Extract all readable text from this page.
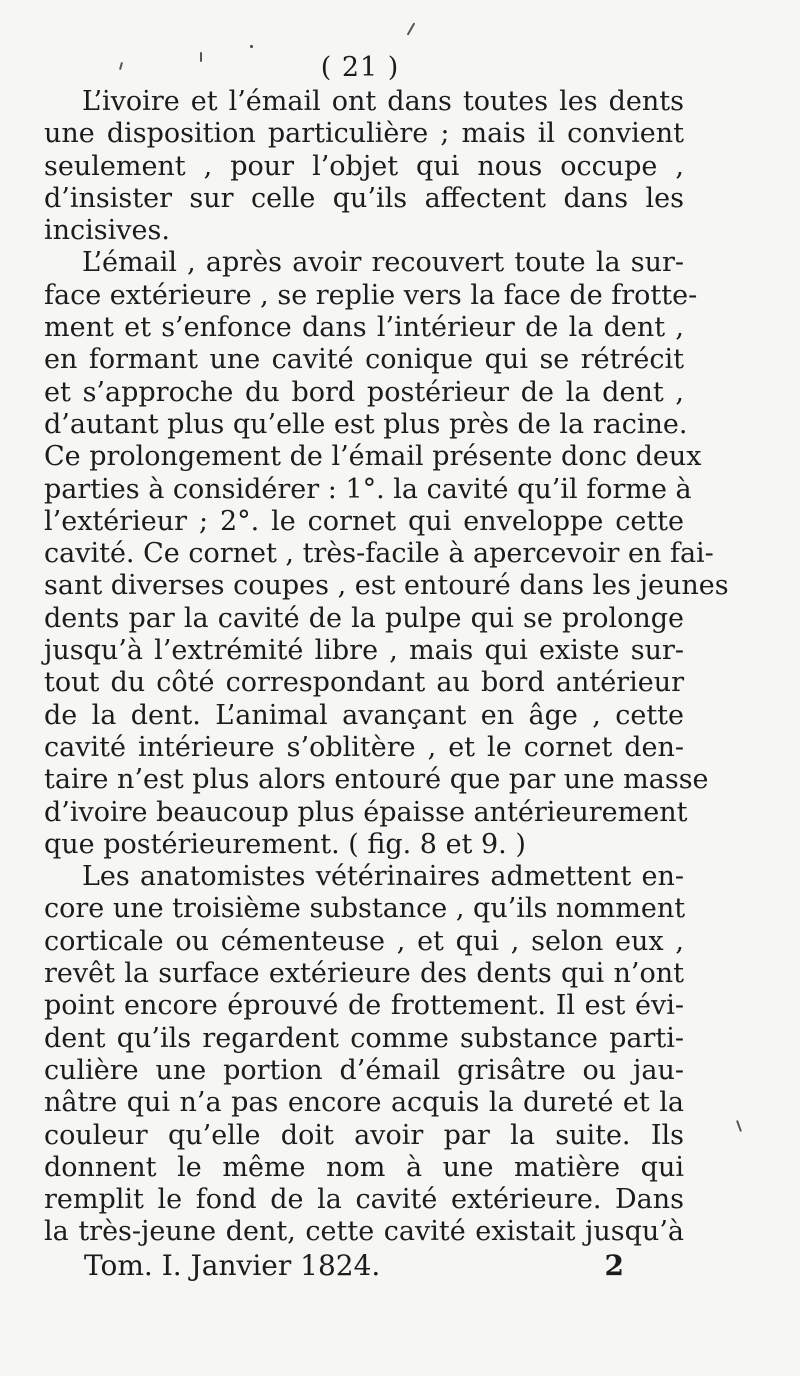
( 21 )
L’ivoire et l’émail ont dans toutes les dents
une disposition particulière ; mais il convient
seulement , pour l’objet qui nous occupe ,
d’insister sur celle qu’ils affectent dans les
incisives.
L’émail , après avoir recouvert toute la sur-
face extérieure , se replie vers la face de frotte-
ment et s’enfonce dans l’intérieur de la dent ,
en formant une cavité conique qui se rétrécit
et s’approche du bord postérieur de la dent ,
d’autant plus qu’elle est plus près de la racine.
Ce prolongement de l’émail présente donc deux
parties à considérer : 1°. la cavité qu’il forme à
l’extérieur ; 2°. le cornet qui enveloppe cette
cavité. Ce cornet , très-facile à apercevoir en fai-
sant diverses coupes , est entouré dans les jeunes
dents par la cavité de la pulpe qui se prolonge
jusqu’à l’extrémité libre , mais qui existe sur-
tout du côté correspondant au bord antérieur
de la dent. L’animal avançant en âge , cette
cavité intérieure s’oblitère , et le cornet den-
taire n’est plus alors entouré que par une masse
d’ivoire beaucoup plus épaisse antérieurement
que postérieurement. ( fig. 8 et 9. )
Les anatomistes vétérinaires admettent en-
core une troisième substance , qu’ils nomment
corticale ou cémenteuse , et qui , selon eux ,
revêt la surface extérieure des dents qui n’ont
point encore éprouvé de frottement. Il est évi-
dent qu’ils regardent comme substance parti-
culière une portion d’émail grisâtre ou jau-
nâtre qui n’a pas encore acquis la dureté et la
couleur qu’elle doit avoir par la suite. Ils
donnent le même nom à une matière qui
remplit le fond de la cavité extérieure. Dans
la très-jeune dent, cette cavité existait jusqu’à
Tom. I. Janvier 1824.	2
